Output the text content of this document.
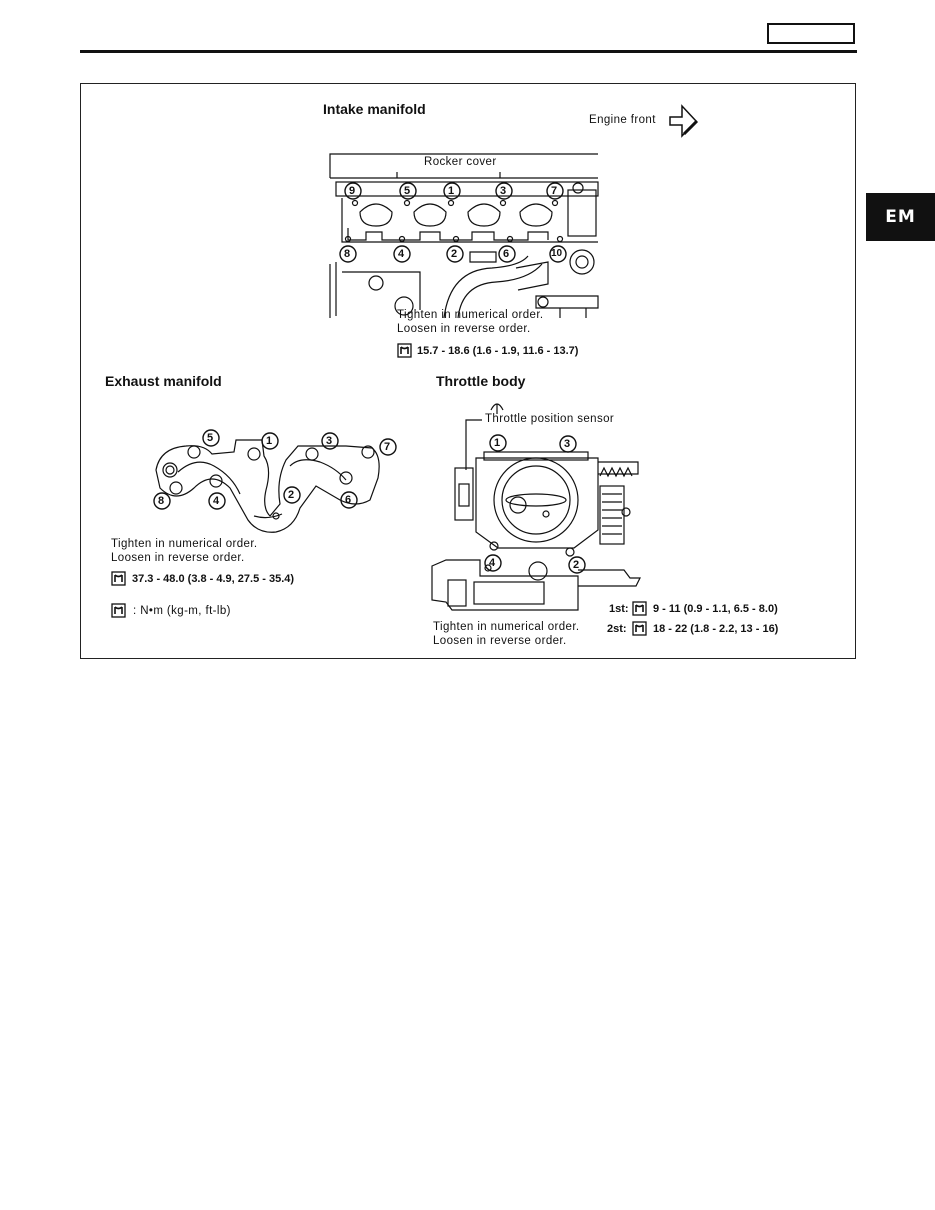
EM
Intake manifold
Engine front
Rocker cover
9	5	1	3	7
8	4	2	6	10
Tighten in numerical order.
Loosen in reverse order.
15.7 - 18.6 (1.6 - 1.9, 11.6 - 13.7)
Exhaust manifold
5	1	3	7
8	4	2	6
Tighten in numerical order.
Loosen in reverse order.
37.3 - 48.0 (3.8 - 4.9, 27.5 - 35.4)
: N•m (kg-m, ft-lb)
Throttle body
Throttle position sensor
1	3
4	2
1st: 9 - 11 (0.9 - 1.1, 6.5 - 8.0)
2st: 18 - 22 (1.8 - 2.2, 13 - 16)
Tighten in numerical order.
Loosen in reverse order.
